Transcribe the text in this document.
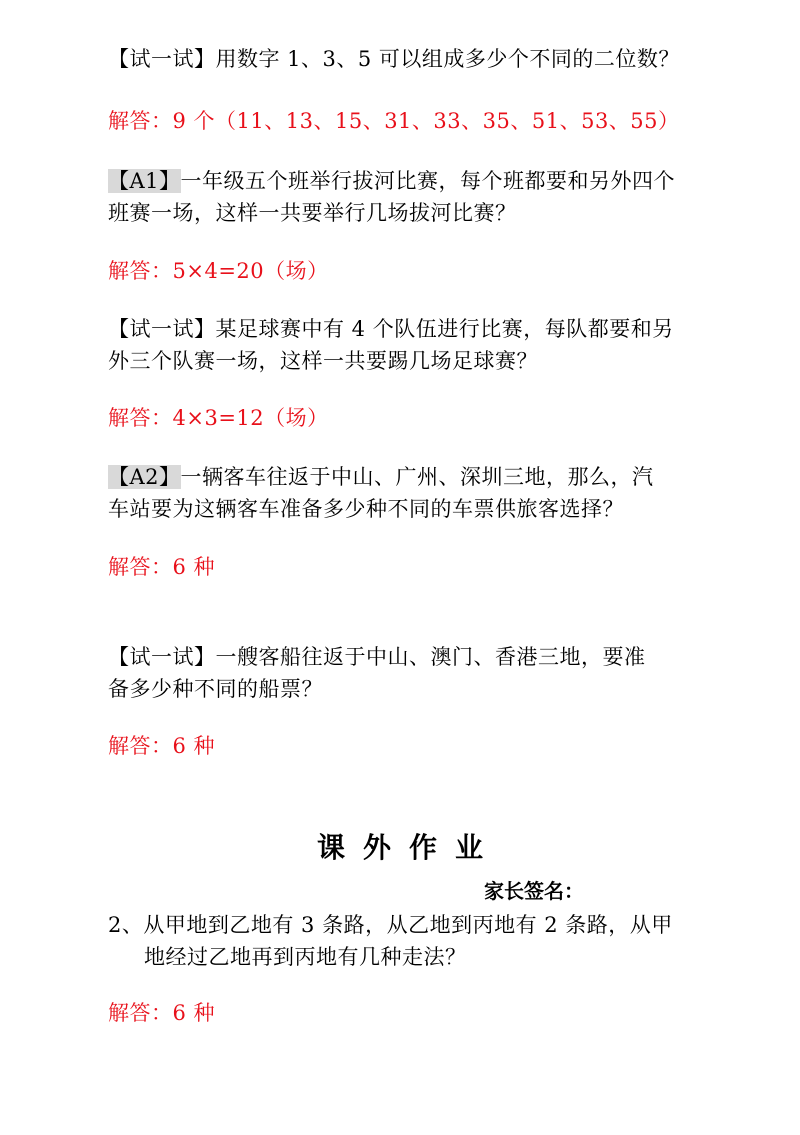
【试一试】用数字 1、3、5 可以组成多少个不同的二位数？
解答：9 个（11、13、15、31、33、35、51、53、55）
【A1】一年级五个班举行拔河比赛，每个班都要和另外四个
班赛一场，这样一共要举行几场拔河比赛？
解答：5×4=20（场）
【试一试】某足球赛中有 4 个队伍进行比赛，每队都要和另
外三个队赛一场，这样一共要踢几场足球赛？
解答：4×3=12（场）
【A2】一辆客车往返于中山、广州、深圳三地，那么，汽
车站要为这辆客车准备多少种不同的车票供旅客选择？
解答：6 种
【试一试】一艘客船往返于中山、澳门、香港三地，要准
备多少种不同的船票？
解答：6 种
课外作业
家长签名：
2、从甲地到乙地有 3 条路，从乙地到丙地有 2 条路，从甲
地经过乙地再到丙地有几种走法？
解答：6 种
